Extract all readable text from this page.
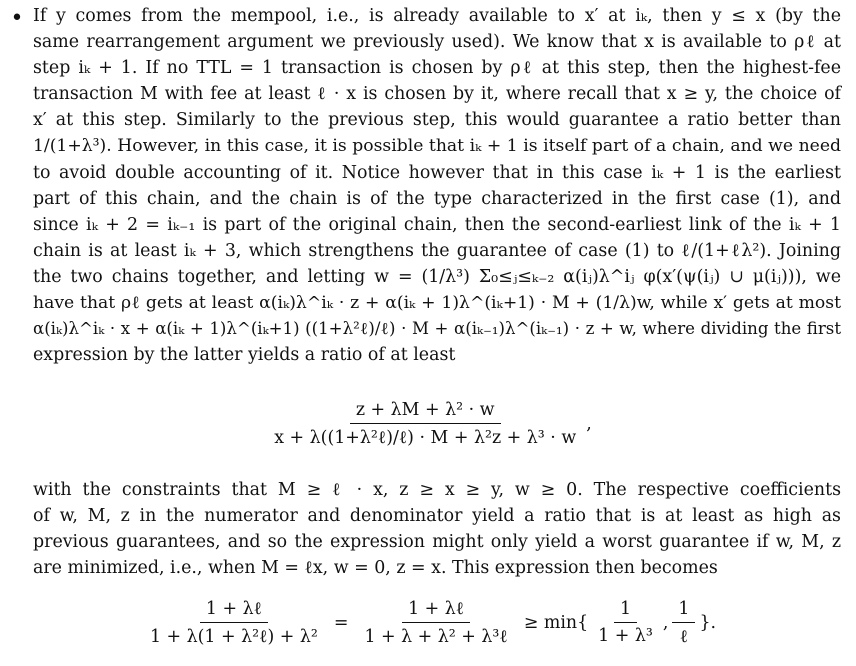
• If y comes from the mempool, i.e., is already available to x′ at iₖ, then y ≤ x (by the
same rearrangement argument we previously used). We know that x is available to ρℓ at
step iₖ + 1. If no TTL = 1 transaction is chosen by ρℓ at this step, then the highest-fee
transaction M with fee at least ℓ · x is chosen by it, where recall that x ≥ y, the choice of
x′ at this step. Similarly to the previous step, this would guarantee a ratio better than
1/(1+λ³). However, in this case, it is possible that iₖ + 1 is itself part of a chain, and we need
to avoid double accounting of it. Notice however that in this case iₖ + 1 is the earliest
part of this chain, and the chain is of the type characterized in the first case (1), and
since iₖ + 2 = iₖ₋₁ is part of the original chain, then the second-earliest link of the iₖ + 1
chain is at least iₖ + 3, which strengthens the guarantee of case (1) to ℓ/(1+ℓλ²). Joining
the two chains together, and letting w = (1/λ³) Σ₀≤ⱼ≤ₖ₋₂ α(iⱼ)λ^iⱼ φ(x′(ψ(iⱼ) ∪ μ(iⱼ))), we
have that ρℓ gets at least α(iₖ)λ^iₖ · z + α(iₖ + 1)λ^(iₖ+1) · M + (1/λ)w, while x′ gets at most
α(iₖ)λ^iₖ · x + α(iₖ + 1)λ^(iₖ+1) ((1+λ²ℓ)/ℓ) · M + α(iₖ₋₁)λ^(iₖ₋₁) · z + w, where dividing the first
expression by the latter yields a ratio of at least

$\frac{\text{z + λM + λ² · w}}{\text{x + λ((1+λ²ℓ)/ℓ) · M + λ²z + λ³ · w}}$ ,

with the constraints that M ≥ ℓ · x, z ≥ x ≥ y, w ≥ 0. The respective coefficients
of w, M, z in the numerator and denominator yield a ratio that is at least as high as
previous guarantees, and so the expression might only yield a worst guarantee if w, M, z
are minimized, i.e., when M = ℓx, w = 0, z = x. This expression then becomes

$\frac{\text{1 + λℓ}}{\text{1 + λ(1 + λ²ℓ) + λ²}} = \frac{\text{1 + λℓ}}{\text{1 + λ + λ² + λ³ℓ}} \ge \min\{ \frac{1}{\text{1 + λ³}}$ , $\frac{1}{\text{ℓ}}$ }.
